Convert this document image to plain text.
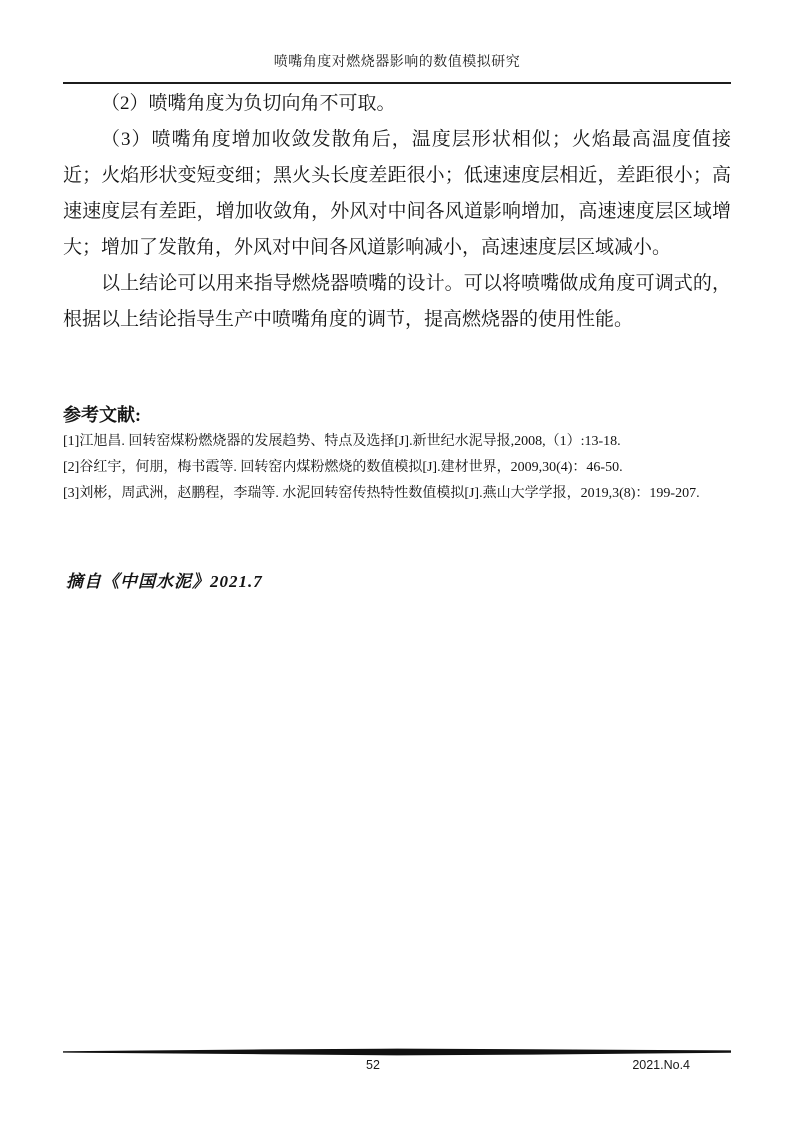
喷嘴角度对燃烧器影响的数值模拟研究

（2）喷嘴角度为负切向角不可取。

（3）喷嘴角度增加收敛发散角后，温度层形状相似；火焰最高温度值接近；火焰形状变短变细；黑火头长度差距很小；低速速度层相近，差距很小；高速速度层有差距，增加收敛角，外风对中间各风道影响增加，高速速度层区域增大；增加了发散角，外风对中间各风道影响减小，高速速度层区域减小。

以上结论可以用来指导燃烧器喷嘴的设计。可以将喷嘴做成角度可调式的，根据以上结论指导生产中喷嘴角度的调节，提高燃烧器的使用性能。

参考文献:

[1]江旭昌. 回转窑煤粉燃烧器的发展趋势、特点及选择[J].新世纪水泥导报,2008,（1）:13-18.

[2]谷红宇，何朋，梅书霞等. 回转窑内煤粉燃烧的数值模拟[J].建材世界，2009,30(4)：46-50.

[3]刘彬，周武洲，赵鹏程，李瑞等. 水泥回转窑传热特性数值模拟[J].燕山大学学报，2019,3(8)：199-207.

摘自《中国水泥》2021.7
52	2021.No.4
